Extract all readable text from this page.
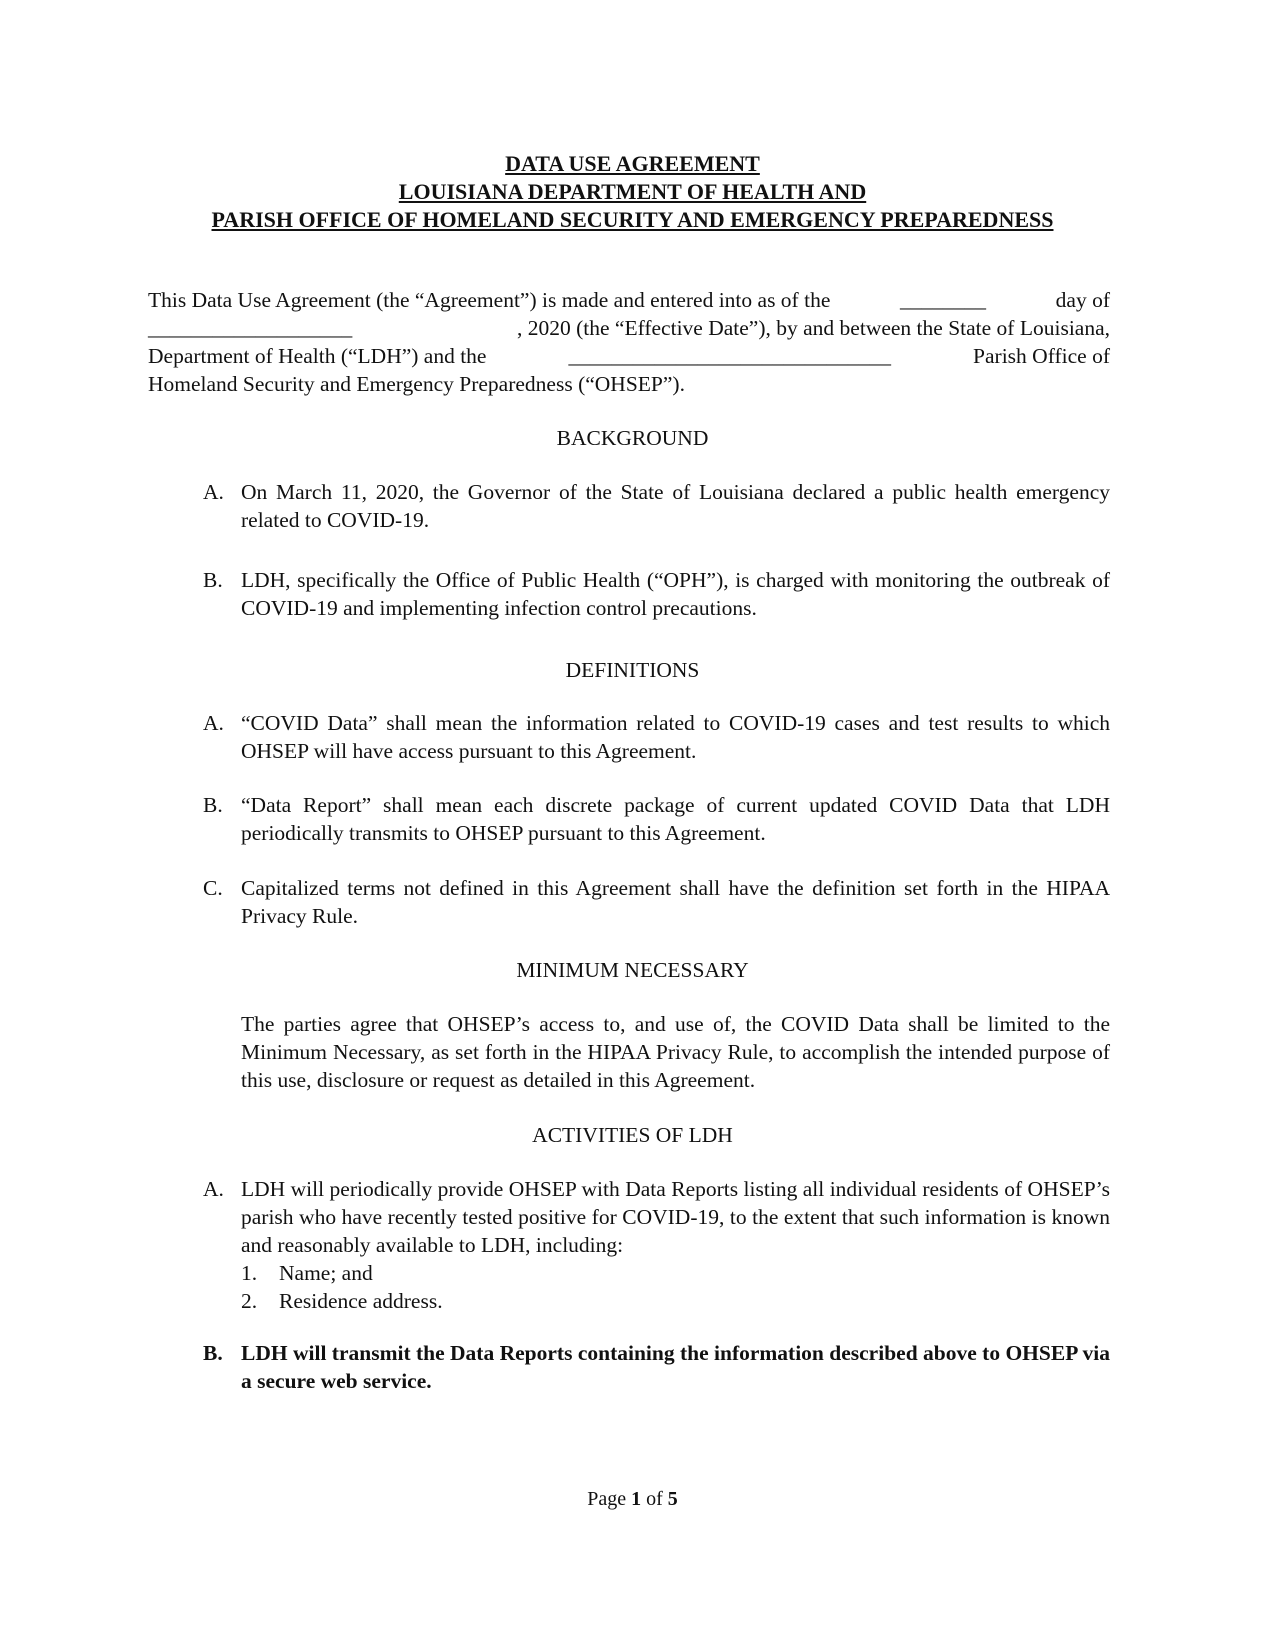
DATA USE AGREEMENT
LOUISIANA DEPARTMENT OF HEALTH AND
PARISH OFFICE OF HOMELAND SECURITY AND EMERGENCY PREPAREDNESS
This Data Use Agreement (the “Agreement”) is made and entered into as of the	________	day of
___________________	, 2020 (the “Effective Date”), by and between the State of Louisiana,
Department of Health (“LDH”) and the	______________________________	Parish Office of
Homeland Security and Emergency Preparedness (“OHSEP”).
BACKGROUND
A. On March 11, 2020, the Governor of the State of Louisiana declared a public health emergency related to COVID-19.
B. LDH, specifically the Office of Public Health (“OPH”), is charged with monitoring the outbreak of COVID-19 and implementing infection control precautions.
DEFINITIONS
A. “COVID Data” shall mean the information related to COVID-19 cases and test results to which OHSEP will have access pursuant to this Agreement.
B. “Data Report” shall mean each discrete package of current updated COVID Data that LDH periodically transmits to OHSEP pursuant to this Agreement.
C. Capitalized terms not defined in this Agreement shall have the definition set forth in the HIPAA Privacy Rule.
MINIMUM NECESSARY
The parties agree that OHSEP’s access to, and use of, the COVID Data shall be limited to the Minimum Necessary, as set forth in the HIPAA Privacy Rule, to accomplish the intended purpose of this use, disclosure or request as detailed in this Agreement.
ACTIVITIES OF LDH
A. LDH will periodically provide OHSEP with Data Reports listing all individual residents of OHSEP’s parish who have recently tested positive for COVID-19, to the extent that such information is known and reasonably available to LDH, including:
1.	Name; and
2.	Residence address.
B. LDH will transmit the Data Reports containing the information described above to OHSEP via a secure web service.
Page 1 of 5
